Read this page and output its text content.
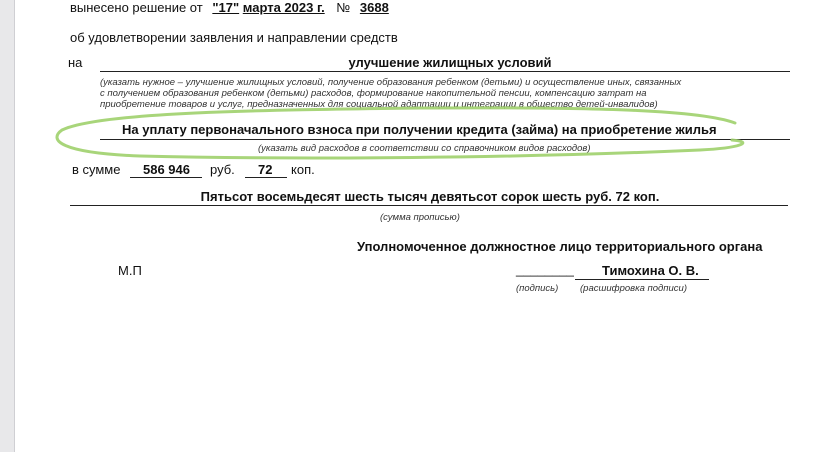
вынесено решение от "17" марта 2023 г. № 3688
об удовлетворении заявления и направлении средств
на	улучшение жилищных условий
(указать нужное – улучшение жилищных условий, получение образования ребенком (детьми) и осуществление иных, связанных
с получением образования ребенком (детьми) расходов, формирование накопительной пенсии, компенсацию затрат на
приобретение товаров и услуг, предназначенных для социальной адаптации и интеграции в общество детей-инвалидов)
На уплату первоначального взноса при получении кредита (займа) на приобретение жилья
(указать вид расходов в соответствии со справочником видов расходов)
в сумме 586 946 руб. 72 коп.
Пятьсот восемьдесят шесть тысяч девятьсот сорок шесть руб. 72 коп.
(сумма прописью)
Уполномоченное должностное лицо территориального органа
М.П	________ Тимохина О. В.
(подпись) (расшифровка подписи)
